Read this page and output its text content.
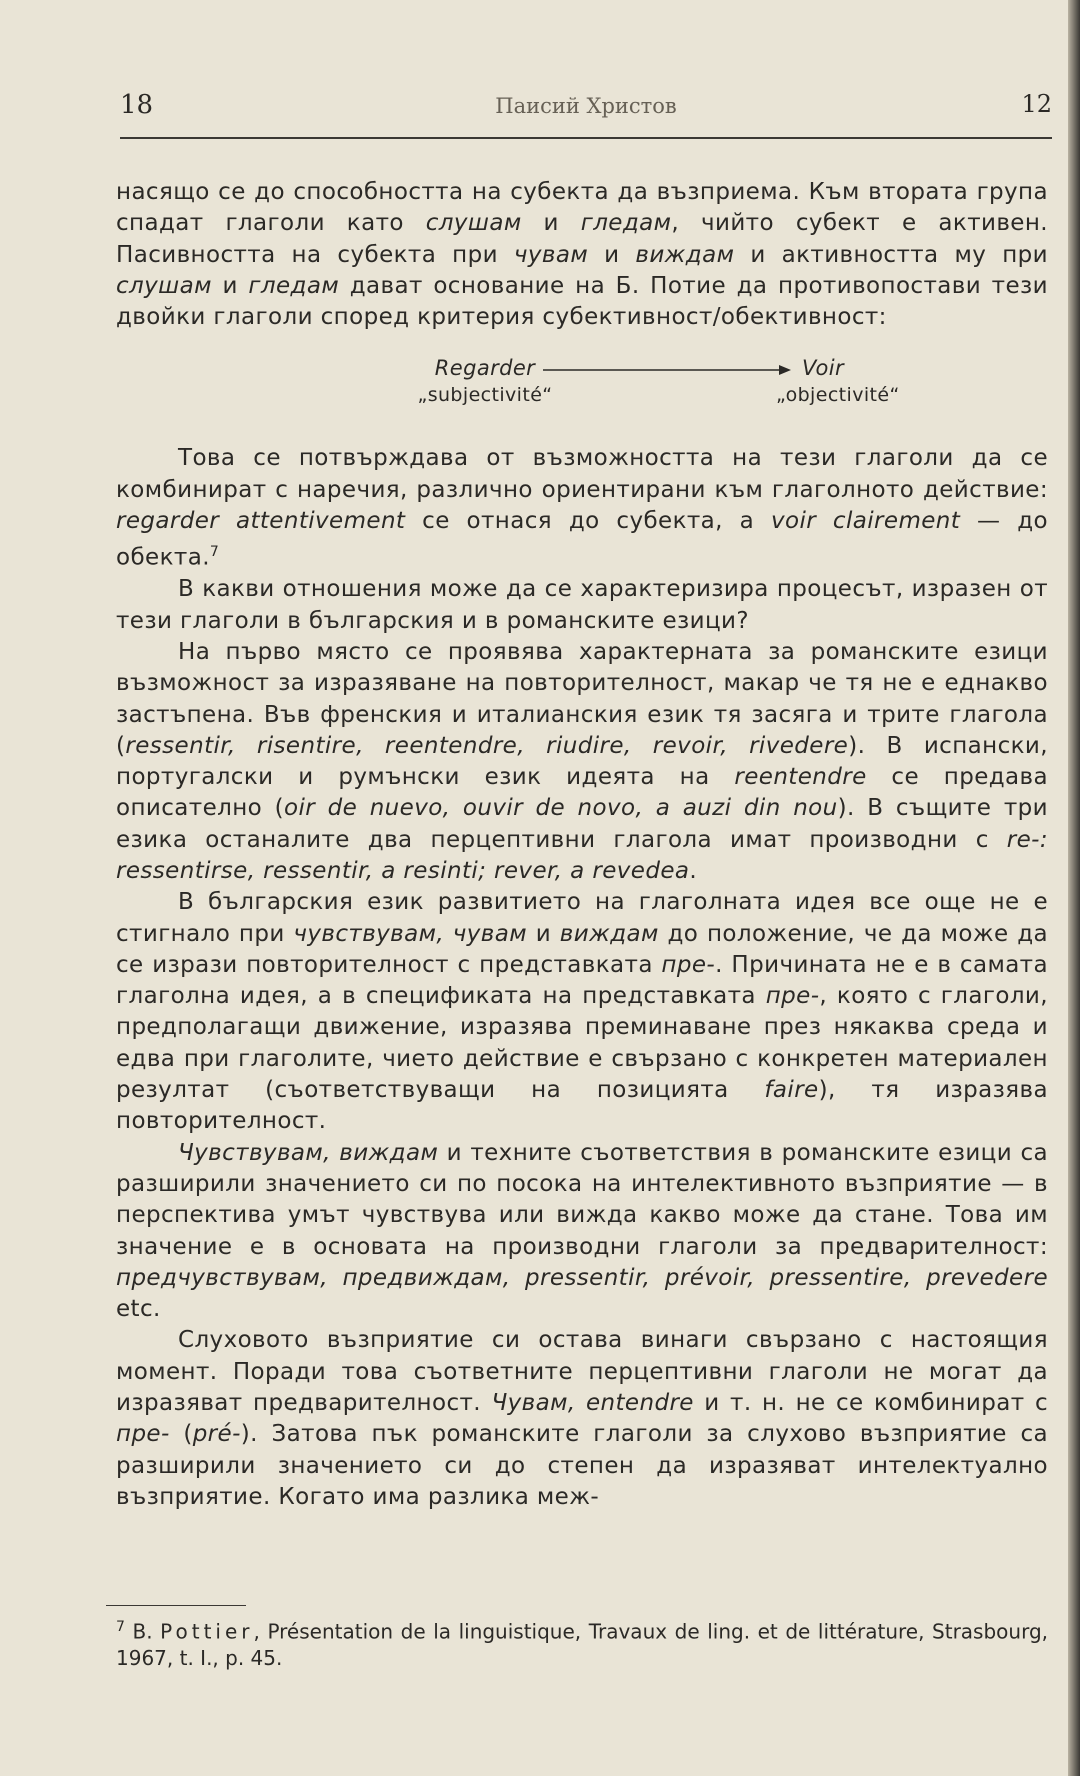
18	Паисий Христов	12

насящо се до способността на субекта да възприема. Към втората група спадат глаголи като слушам и гледам, чийто субект е активен. Пасивността на субекта при чувам и виждам и активността му при слушам и гледам дават основание на Б. Потие да противопостави тези двойки глаголи според критерия субективност/обективност:

Regarder	Voir
„subjectivité“	„objectivité“

Това се потвърждава от възможността на тези глаголи да се комбинират с наречия, различно ориентирани към глаголното действие: regarder attentivement се отнася до субекта, а voir clairement — до обекта.$^7$

В какви отношения може да се характеризира процесът, изразен от тези глаголи в българския и в романските езици?

На първо място се проявява характерната за романските езици възможност за изразяване на повторителност, макар че тя не е еднакво застъпена. Във френския и италианския език тя засяга и трите глагола (ressentir, risentire, reentendre, riudire, revoir, rivedere). В испански, португалски и румънски език идеята на reentendre се предава описателно (oir de nuevo, ouvir de novo, a auzi din nou). В същите три езика останалите два перцептивни глагола имат производни с re-: ressentirse, ressentir, a resinti; rever, a revedea.

В българския език развитието на глаголната идея все още не е стигнало при чувствувам, чувам и виждам до положение, че да може да се изрази повторителност с представката пре-. Причината не е в самата глаголна идея, а в спецификата на представката пре-, която с глаголи, предполагащи движение, изразява преминаване през някаква среда и едва при глаголите, чието действие е свързано с конкретен материален резултат (съответствуващи на позицията faire), тя изразява повторителност.

Чувствувам, виждам и техните съответствия в романските езици са разширили значението си по посока на интелективното възприятие — в перспектива умът чувствува или вижда какво може да стане. Това им значение е в основата на производни глаголи за предварителност: предчувствувам, предвиждам, pressentir, prévoir, pressentire, prevedere etc.

Слуховото възприятие си остава винаги свързано с настоящия момент. Поради това съответните перцептивни глаголи не могат да изразяват предварителност. Чувам, entendre и т. н. не се комбинират с пре- (pré-). Затова пък романските глаголи за слухово възприятие са разширили значението си до степен да изразяват интелектуално възприятие. Когато има разлика меж-

$^7$ B. Pottier, Présentation de la linguistique, Travaux de ling. et de littérature, Strasbourg, 1967, t. I., p. 45.
